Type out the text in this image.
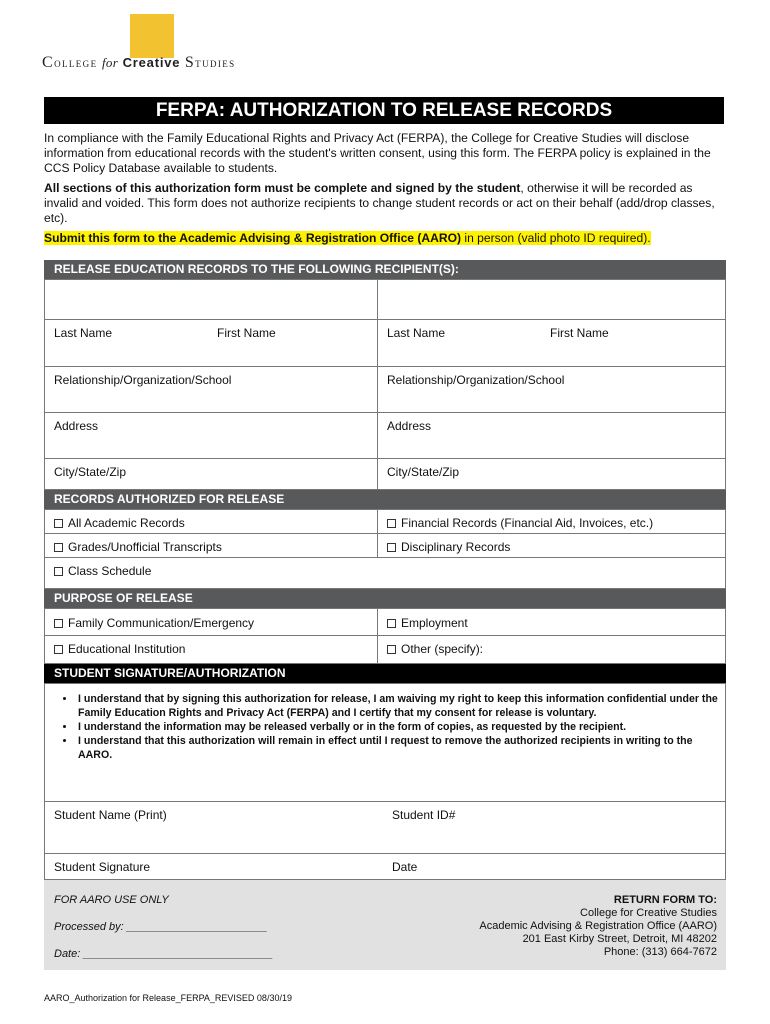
College for Creative Studies
FERPA: AUTHORIZATION TO RELEASE RECORDS

In compliance with the Family Educational Rights and Privacy Act (FERPA), the College for Creative Studies will disclose information from educational records with the student's written consent, using this form. The FERPA policy is explained in the CCS Policy Database available to students.

All sections of this authorization form must be complete and signed by the student, otherwise it will be recorded as invalid and voided. This form does not authorize recipients to change student records or act on their behalf (add/drop classes, etc).

Submit this form to the Academic Advising & Registration Office (AARO) in person (valid photo ID required).

RELEASE EDUCATION RECORDS TO THE FOLLOWING RECIPIENT(S):
Last Name	First Name	Last Name	First Name
Relationship/Organization/School	Relationship/Organization/School
Address	Address
City/State/Zip	City/State/Zip
RECORDS AUTHORIZED FOR RELEASE
All Academic Records	Financial Records (Financial Aid, Invoices, etc.)
Grades/Unofficial Transcripts	Disciplinary Records
Class Schedule
PURPOSE OF RELEASE
Family Communication/Emergency	Employment
Educational Institution	Other (specify):
STUDENT SIGNATURE/AUTHORIZATION
Student Name (Print)	Student ID#
Student Signature	Date
• I understand that by signing this authorization for release, I am waiving my right to keep this information confidential under the Family Education Rights and Privacy Act (FERPA) and I certify that my consent for release is voluntary.
• I understand the information may be released verbally or in the form of copies, as requested by the recipient.
• I understand that this authorization will remain in effect until I request to remove the authorized recipients in writing to the AARO.
FOR AARO USE ONLY
Processed by: _______________________
Date: _______________________________
RETURN FORM TO:
College for Creative Studies
Academic Advising & Registration Office (AARO)
201 East Kirby Street, Detroit, MI 48202
Phone: (313) 664-7672
AARO_Authorization for Release_FERPA_REVISED 08/30/19
